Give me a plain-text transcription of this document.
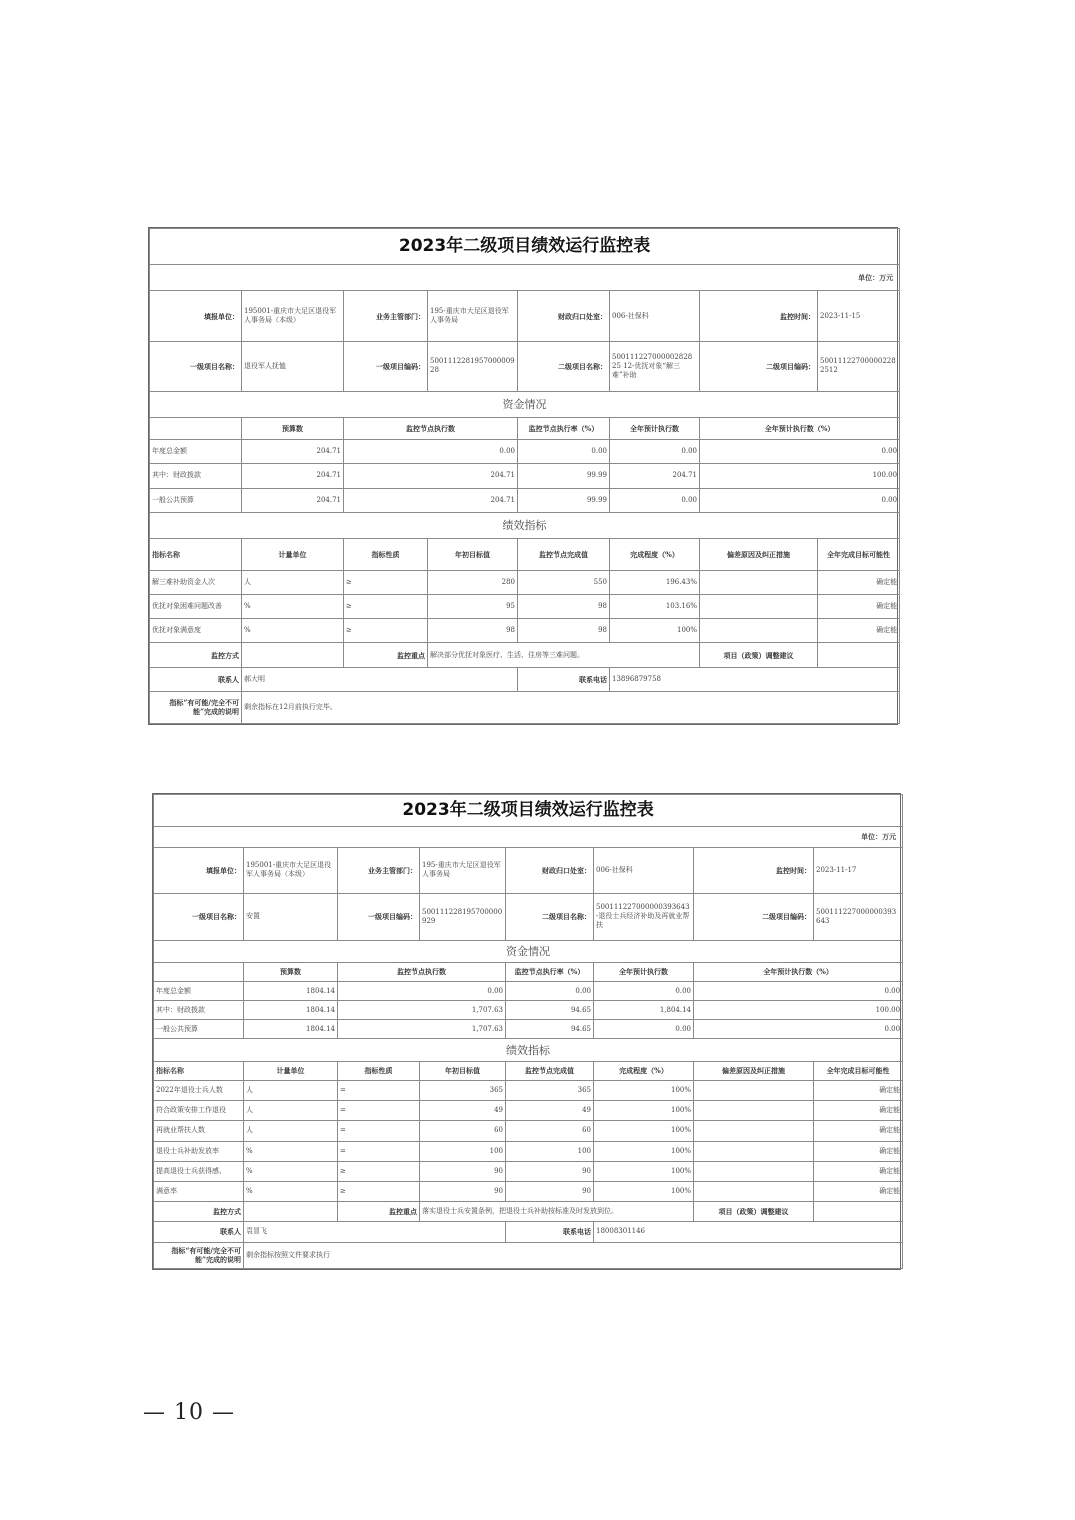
2023年二级项目绩效运行监控表							
单位：万元							
填报单位：	195001-重庆市大足区退役军人事务局（本级）	业务主管部门：	195-重庆市大足区退役军人事务局	财政归口处室：	006-社保科	监控时间：	2023-11-15
一级项目名称：	退役军人抚恤	一级项目编码：	500111228195700000928	二级项目名称：	500111227000002828 25 12-优抚对象“解三难”补助	二级项目编码：	500111227000002282512
资金情况							
	预算数	监控节点执行数		监控节点执行率（%）	全年预计执行数	全年预计执行数（%）	
年度总金额	204.71	0.00		0.00	0.00	0.00	
其中：财政拨款	204.71	204.71		99.99	204.71	100.00	
一般公共预算	204.71	204.71		99.99	0.00	0.00	
绩效指标							
指标名称	计量单位	指标性质	年初目标值	监控节点完成值	完成程度（%）	偏差原因及纠正措施	全年完成目标可能性
解三难补助资金人次	人	≥	280	550	196.43%		确定能
优抚对象困难问题改善	%	≥	95	98	103.16%		确定能
优抚对象满意度	%	≥	98	98	100%		确定能
监控方式		监控重点	解决部分优抚对象医疗、生活、住房等三难问题。			项目（政策）调整建议	
联系人	郝大明			联系电话	13896879758		
指标“有可能/完全不可能”完成的说明	剩余指标在12月前执行完毕。						
2023年二级项目绩效运行监控表							
单位：万元							
填报单位：	195001-重庆市大足区退役军人事务局（本级）	业务主管部门：	195-重庆市大足区退役军人事务局	财政归口处室：	006-社保科	监控时间：	2023-11-17
一级项目名称：	安置	一级项目编码：	500111228195700000929	二级项目名称：	500111227000000393643-退役士兵经济补助及再就业帮扶	二级项目编码：	500111227000000393643
资金情况							
	预算数	监控节点执行数		监控节点执行率（%）	全年预计执行数	全年预计执行数（%）	
年度总金额	1804.14	0.00		0.00	0.00	0.00	
其中：财政拨款	1804.14	1,707.63		94.65	1,804.14	100.00	
一般公共预算	1804.14	1,707.63		94.65	0.00	0.00	
绩效指标							
指标名称	计量单位	指标性质	年初目标值	监控节点完成值	完成程度（%）	偏差原因及纠正措施	全年完成目标可能性
2022年退役士兵人数	人	=	365	365	100%		确定能
符合政策安排工作退役	人	=	49	49	100%		确定能
再就业帮扶人数	人	=	60	60	100%		确定能
退役士兵补助发放率	%	=	100	100	100%		确定能
提高退役士兵获得感、	%	≥	90	90	100%		确定能
满意率	%	≥	90	90	100%		确定能
监控方式		监控重点	落实退役士兵安置条例，把退役士兵补助按标准及时发放到位。			项目（政策）调整建议	
联系人	袁冒飞			联系电话	18008301146		
指标“有可能/完全不可能”完成的说明	剩余指标按照文件要求执行						
— 10 —
